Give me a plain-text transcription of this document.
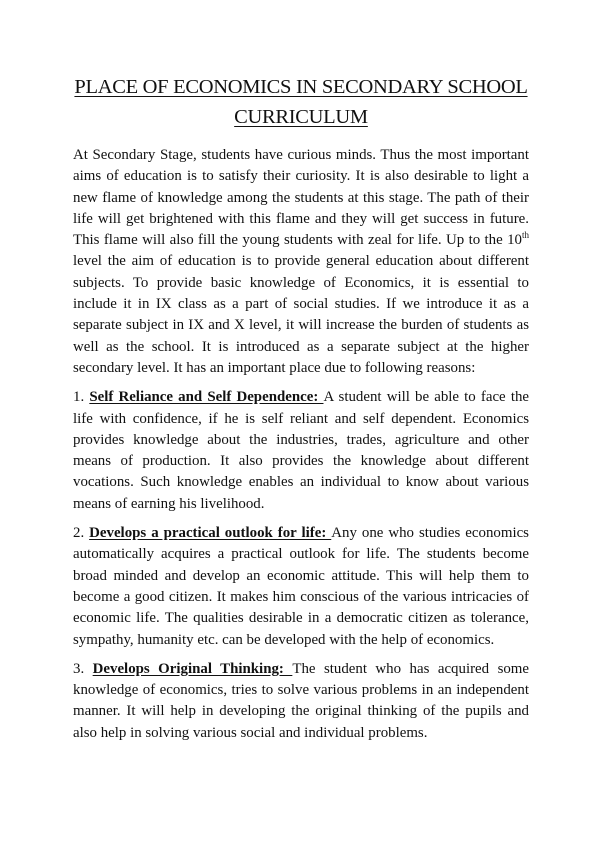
PLACE OF ECONOMICS IN SECONDARY SCHOOL CURRICULUM

At Secondary Stage, students have curious minds. Thus the most important aims of education is to satisfy their curiosity. It is also desirable to light a new flame of knowledge among the students at this stage. The path of their life will get brightened with this flame and they will get success in future. This flame will also fill the young students with zeal for life. Up to the 10th level the aim of education is to provide general education about different subjects. To provide basic knowledge of Economics, it is essential to include it in IX class as a part of social studies. If we introduce it as a separate subject in IX and X level, it will increase the burden of students as well as the school. It is introduced as a separate subject at the higher secondary level. It has an important place due to following reasons:

1. Self Reliance and Self Dependence: A student will be able to face the life with confidence, if he is self reliant and self dependent. Economics provides knowledge about the industries, trades, agriculture and other means of production. It also provides the knowledge about different vocations. Such knowledge enables an individual to know about various means of earning his livelihood.

2. Develops a practical outlook for life: Any one who studies economics automatically acquires a practical outlook for life. The students become broad minded and develop an economic attitude. This will help them to become a good citizen. It makes him conscious of the various intricacies of economic life. The qualities desirable in a democratic citizen as tolerance, sympathy, humanity etc. can be developed with the help of economics.

3. Develops Original Thinking: The student who has acquired some knowledge of economics, tries to solve various problems in an independent manner. It will help in developing the original thinking of the pupils and also help in solving various social and individual problems.
